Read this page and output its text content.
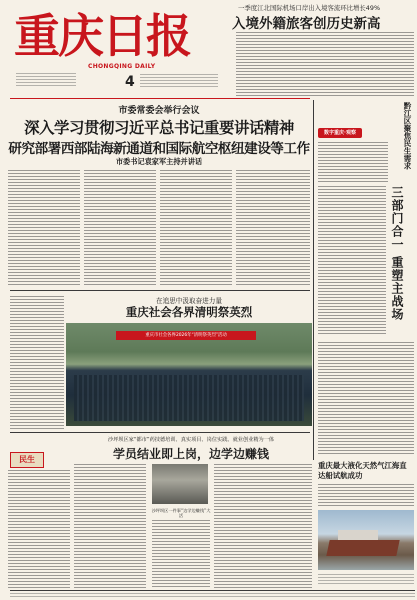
重庆日报
CHONGQING DAILY
4
一季度江北国际机场口岸出入境客流环比增长49%
入境外籍旅客创历史新高
市委常委会举行会议
深入学习贯彻习近平总书记重要讲话精神
研究部署西部陆海新通道和国际航空枢纽建设等工作
市委书记袁家军主持并讲话
数字重庆·观察	黔江区聚焦民生需求
三部门合一 重塑主战场
在追思中汲取奋进力量
重庆社会各界清明祭英烈
重庆市社会各界2026年“清明祭英烈”活动
重庆最大液化天然气江海直达船试航成功
民生
沙坪坝区家“都市”药技德培训、真实项目、岗位实践、就业创业精为一体
学员结业即上岗，边学边赚钱
沙坪坝区一件事“边学边赚钱”大活
